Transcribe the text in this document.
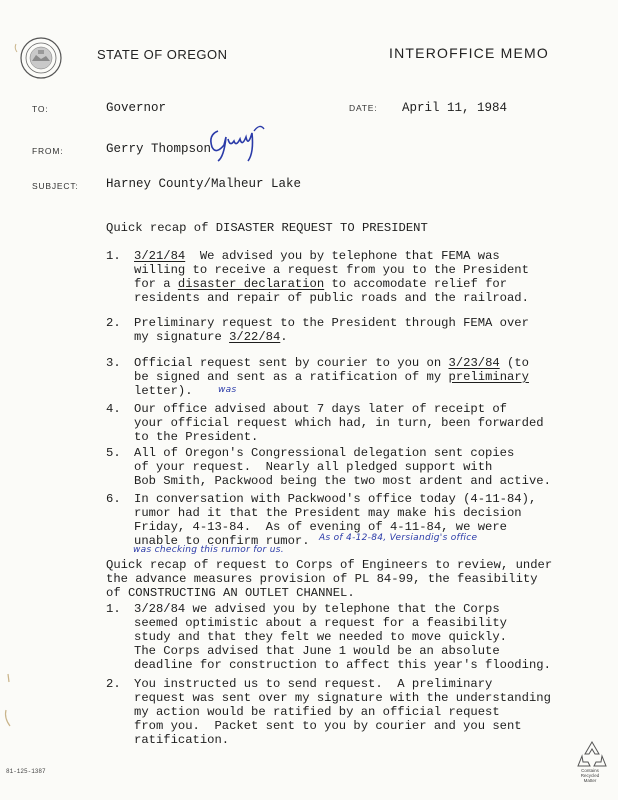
STATE OF OREGON	INTEROFFICE MEMO
TO:	Governor	DATE: April 11, 1984
FROM:	Gerry Thompson
SUBJECT: Harney County/Malheur Lake
Quick recap of DISASTER REQUEST TO PRESIDENT
1. 3/21/84  We advised you by telephone that FEMA was
willing to receive a request from you to the President
for a disaster declaration to accomodate relief for
residents and repair of public roads and the railroad.
2. Preliminary request to the President through FEMA over
my signature 3/22/84.
3. Official request sent by courier to you on 3/23/84 (to
be signed and sent as a ratification of my preliminary
letter).
4. Our office advised about 7 days later of receipt of
your official request which had, in turn, been forwarded
to the President.
was
5. All of Oregon's Congressional delegation sent copies
of your request.  Nearly all pledged support with
Bob Smith, Packwood being the two most ardent and active.
6. In conversation with Packwood's office today (4-11-84),
rumor had it that the President may make his decision
Friday, 4-13-84.  As of evening of 4-11-84, we were
unable to confirm rumor.	As of 4-12-84, Versiandig's office
was checking this rumor for us.
Quick recap of request to Corps of Engineers to review, under
the advance measures provision of PL 84-99, the feasibility
of CONSTRUCTING AN OUTLET CHANNEL.
1. 3/28/84 we advised you by telephone that the Corps
seemed optimistic about a request for a feasibility
study and that they felt we needed to move quickly.
The Corps advised that June 1 would be an absolute
deadline for construction to affect this year's flooding.
2. You instructed us to send request.  A preliminary
request was sent over my signature with the understanding
my action would be ratified by an official request
from you.  Packet sent to you by courier and you sent
ratification.
81-125-1387	Contains
Recycled
Matter
